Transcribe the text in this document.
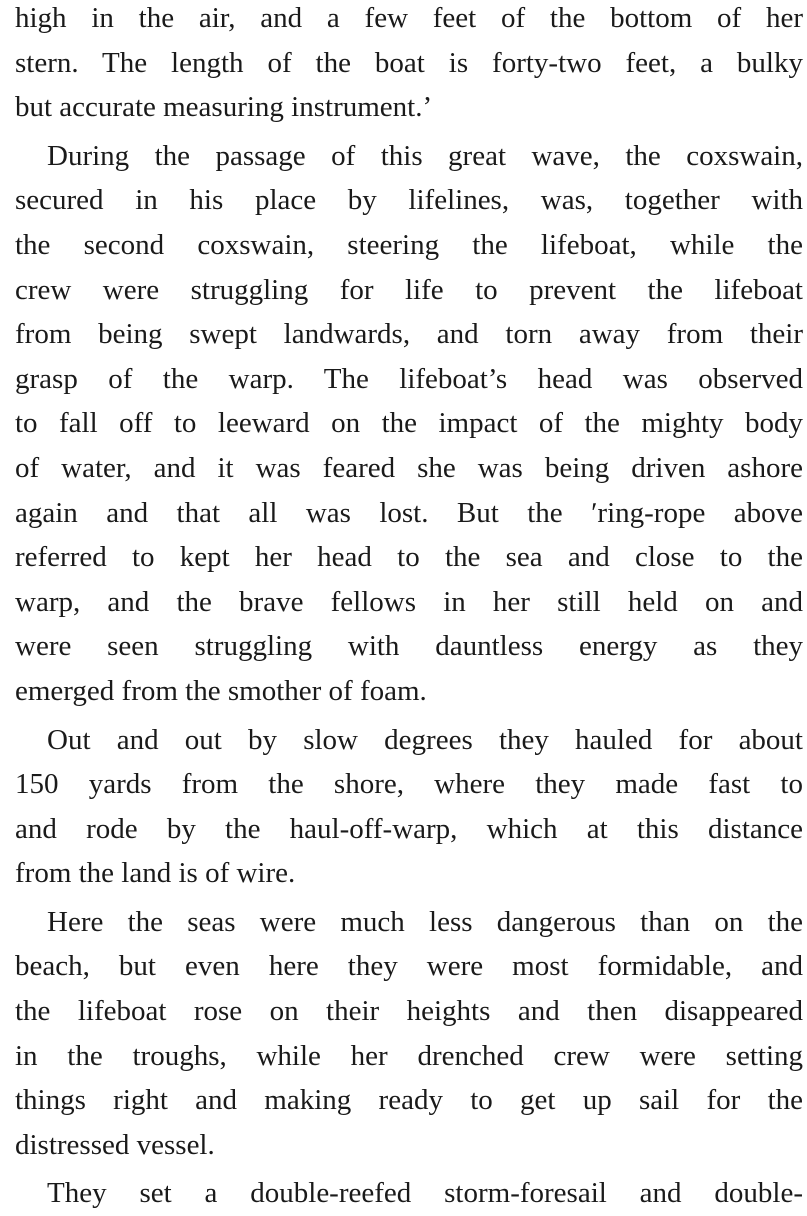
high in the air, and a few feet of the bottom of her
stern. The length of the boat is forty-two feet, a bulky
but accurate measuring instrument.’
During the passage of this great wave, the coxswain,
secured in his place by lifelines, was, together with
the second coxswain, steering the lifeboat, while the
crew were struggling for life to prevent the lifeboat
from being swept landwards, and torn away from their
grasp of the warp. The lifeboat’s head was observed
to fall off to leeward on the impact of the mighty body
of water, and it was feared she was being driven ashore
again and that all was lost. But the ʹring-rope above
referred to kept her head to the sea and close to the
warp, and the brave fellows in her still held on and
were seen struggling with dauntless energy as they
emerged from the smother of foam.
Out and out by slow degrees they hauled for about
150 yards from the shore, where they made fast to
and rode by the haul-off-warp, which at this distance
from the land is of wire.
Here the seas were much less dangerous than on the
beach, but even here they were most formidable, and
the lifeboat rose on their heights and then disappeared
in the troughs, while her drenched crew were setting
things right and making ready to get up sail for the
distressed vessel.
They set a double-reefed storm-foresail and double-
